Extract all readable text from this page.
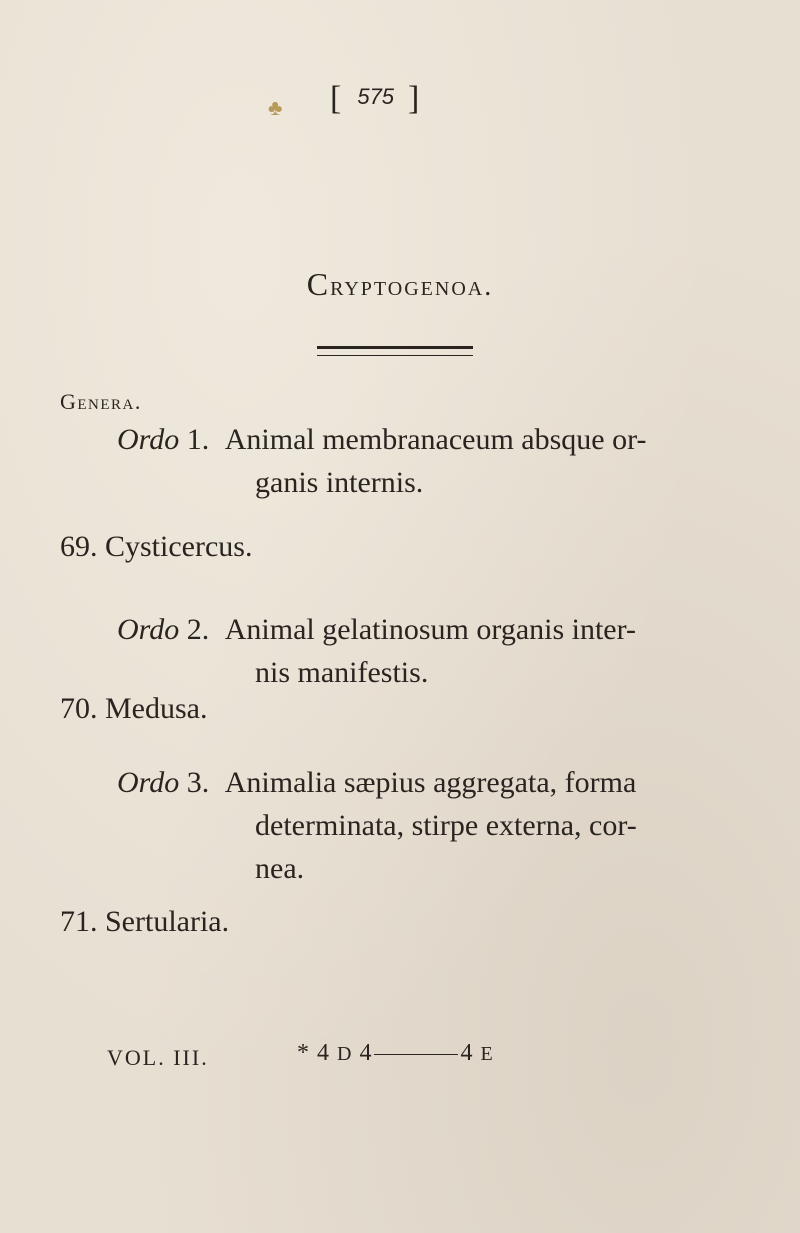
♣ [ 575 ]
Cryptogenoa.
Genera.
Ordo 1. Animal membranaceum absque or-
ganis internis.
69. Cysticercus.
Ordo 2. Animal gelatinosum organis inter-
nis manifestis.
70. Medusa.
Ordo 3. Animalia sæpius aggregata, forma
determinata, stirpe externa, cor-
nea.
71. Sertularia.
VOL. III.	* 4 D 4	4 E
